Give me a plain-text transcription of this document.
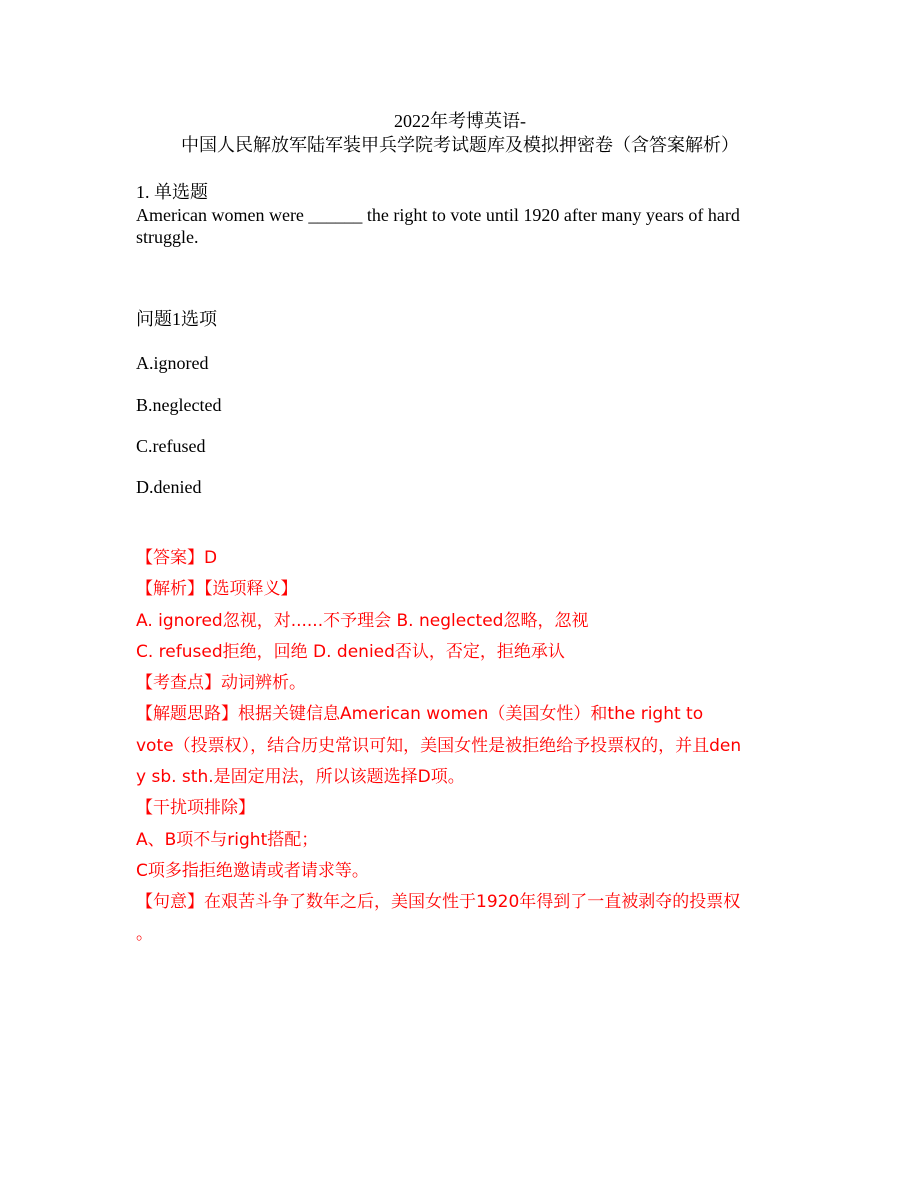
2022年考博英语-
中国人民解放军陆军装甲兵学院考试题库及模拟押密卷（含答案解析）
1. 单选题
American women were ______ the right to vote until 1920 after many years of hard struggle.
问题1选项
A.ignored
B.neglected
C.refused
D.denied
【答案】D
【解析】【选项释义】
A. ignored忽视，对......不予理会 B. neglected忽略，忽视
C. refused拒绝，回绝 D. denied否认，否定，拒绝承认
【考查点】动词辨析。
【解题思路】根据关键信息American women（美国女性）和the right to
vote（投票权），结合历史常识可知，美国女性是被拒绝给予投票权的，并且den
y sb. sth.是固定用法，所以该题选择D项。
【干扰项排除】
A、B项不与right搭配；
C项多指拒绝邀请或者请求等。
【句意】在艰苦斗争了数年之后，美国女性于1920年得到了一直被剥夺的投票权
。
